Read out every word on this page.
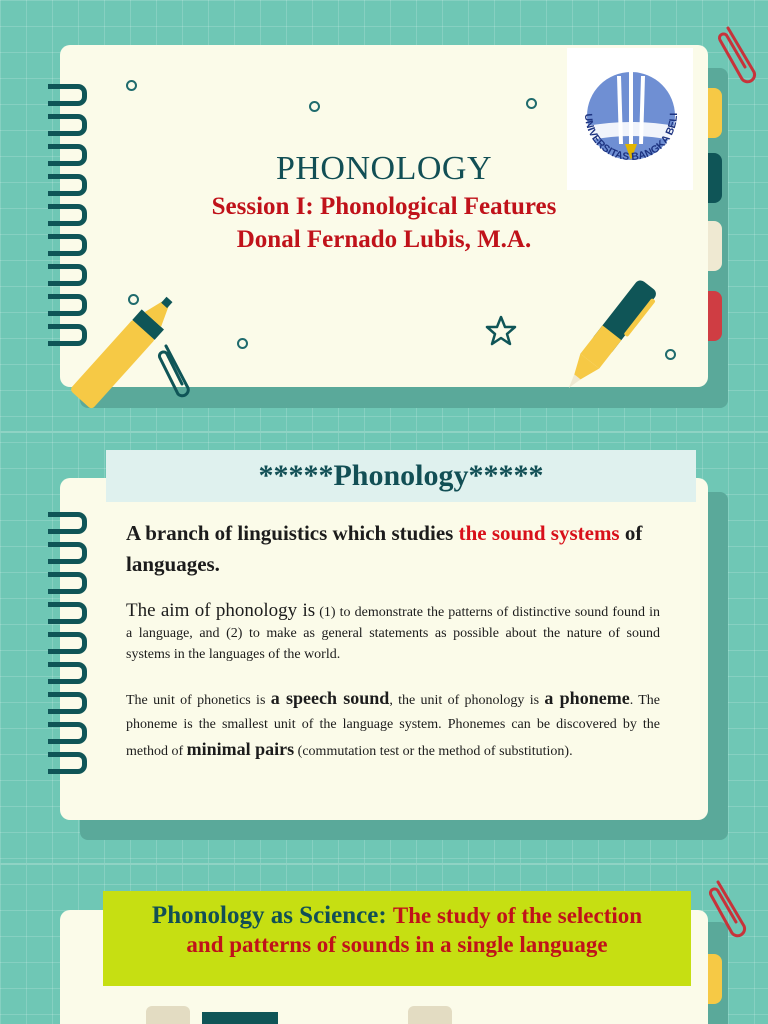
UNIVERSITAS BANGKA BELI
PHONOLOGY
Session I: Phonological Features
Donal Fernado Lubis, M.A.
*****Phonology*****
A branch of linguistics which studies the sound systems of languages.
The aim of phonology is (1) to demonstrate the patterns of distinctive sound found in a language, and (2) to make as general statements as possible about the nature of sound systems in the languages of the world.
The unit of phonetics is a speech sound, the unit of phonology is a phoneme. The phoneme is the smallest unit of the language system. Phonemes can be discovered by the method of minimal pairs (commutation test or the method of substitution).
Phonology as Science: The study of the selection
and patterns of sounds in a single language
